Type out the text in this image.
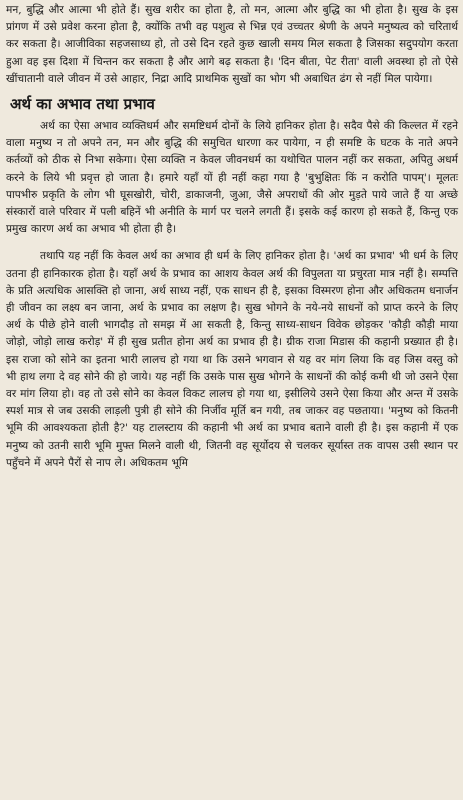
मन, बुद्धि और आत्मा भी होते हैं। सुख शरीर का होता है, तो मन, आत्मा और बुद्धि का भी होता है। सुख के इस प्रांगण में उसे प्रवेश करना होता है, क्योंकि तभी वह पशुत्व से भिन्न एवं उच्चतर श्रेणी के अपने मनुष्यत्व को चरितार्थ कर सकता है। आजीविका सहजसाध्य हो, तो उसे दिन रहते कुछ खाली समय मिल सकता है जिसका सदुपयोग करता हुआ वह इस दिशा में चिन्तन कर सकता है और आगे बढ़ सकता है। 'दिन बीता, पेट रीता' वाली अवस्था हो तो ऐसे खींचातानी वाले जीवन में उसे आहार, निद्रा आदि प्राथमिक सुखों का भोग भी अबाधित ढंग से नहीं मिल पायेगा।

अर्थ का अभाव तथा प्रभाव

अर्थ का ऐसा अभाव व्यक्तिधर्म और समष्टिधर्म दोनों के लिये हानिकर होता है। सदैव पैसे की किल्लत में रहने वाला मनुष्य न तो अपने तन, मन और बुद्धि की समुचित धारणा कर पायेगा, न ही समष्टि के घटक के नाते अपने कर्तव्यों को ठीक से निभा सकेगा। ऐसा व्यक्ति न केवल जीवनधर्म का यथोचित पालन नहीं कर सकता, अपितु अधर्म करने के लिये भी प्रवृत्त हो जाता है। हमारे यहाँ यों ही नहीं कहा गया है 'बुभुक्षितः किं न करोति पापम्'। मूलतः पापभीरु प्रकृति के लोग भी घूसखोरी, चोरी, डाकाजनी, जुआ, जैसे अपराधों की ओर मुड़ते पाये जाते हैं या अच्छे संस्कारों वाले परिवार में पली बहिनें भी अनीति के मार्ग पर चलने लगती हैं। इसके कई कारण हो सकते हैं, किन्तु एक प्रमुख कारण अर्थ का अभाव भी होता ही है।

तथापि यह नहीं कि केवल अर्थ का अभाव ही धर्म के लिए हानिकर होता है। 'अर्थ का प्रभाव' भी धर्म के लिए उतना ही हानिकारक होता है। यहाँ अर्थ के प्रभाव का आशय केवल अर्थ की विपुलता या प्रचुरता मात्र नहीं है। सम्पत्ति के प्रति अत्यधिक आसक्ति हो जाना, अर्थ साध्य नहीं, एक साधन ही है, इसका विस्मरण होना और अधिकतम धनार्जन ही जीवन का लक्ष्य बन जाना, अर्थ के प्रभाव का लक्षण है। सुख भोगने के नये-नये साधनों को प्राप्त करने के लिए अर्थ के पीछे होने वाली भागदौड़ तो समझ में आ सकती है, किन्तु साध्य-साधन विवेक छोड़कर 'कौड़ी कौड़ी माया जोड़ो, जोड़ो लाख करोड़' में ही सुख प्रतीत होना अर्थ का प्रभाव ही है। ग्रीक राजा मिडास की कहानी प्रख्यात ही है। इस राजा को सोने का इतना भारी लालच हो गया था कि उसने भगवान से यह वर मांग लिया कि वह जिस वस्तु को भी हाथ लगा दे वह सोने की हो जाये। यह नहीं कि उसके पास सुख भोगने के साधनों की कोई कमी थी जो उसने ऐसा वर मांग लिया हो। वह तो उसे सोने का केवल विकट लालच हो गया था, इसीलिये उसने ऐसा किया और अन्त में उसके स्पर्श मात्र से जब उसकी लाड़ली पुत्री ही सोने की निर्जीव मूर्ति बन गयी, तब जाकर वह पछताया। 'मनुष्य को कितनी भूमि की आवश्यकता होती है?' यह टालस्टाय की कहानी भी अर्थ का प्रभाव बताने वाली ही है। इस कहानी में एक मनुष्य को उतनी सारी भूमि मुफ्त मिलने वाली थी, जितनी वह सूर्योदय से चलकर सूर्यास्त तक वापस उसी स्थान पर पहुँचने में अपने पैरों से नाप ले। अधिकतम भूमि
